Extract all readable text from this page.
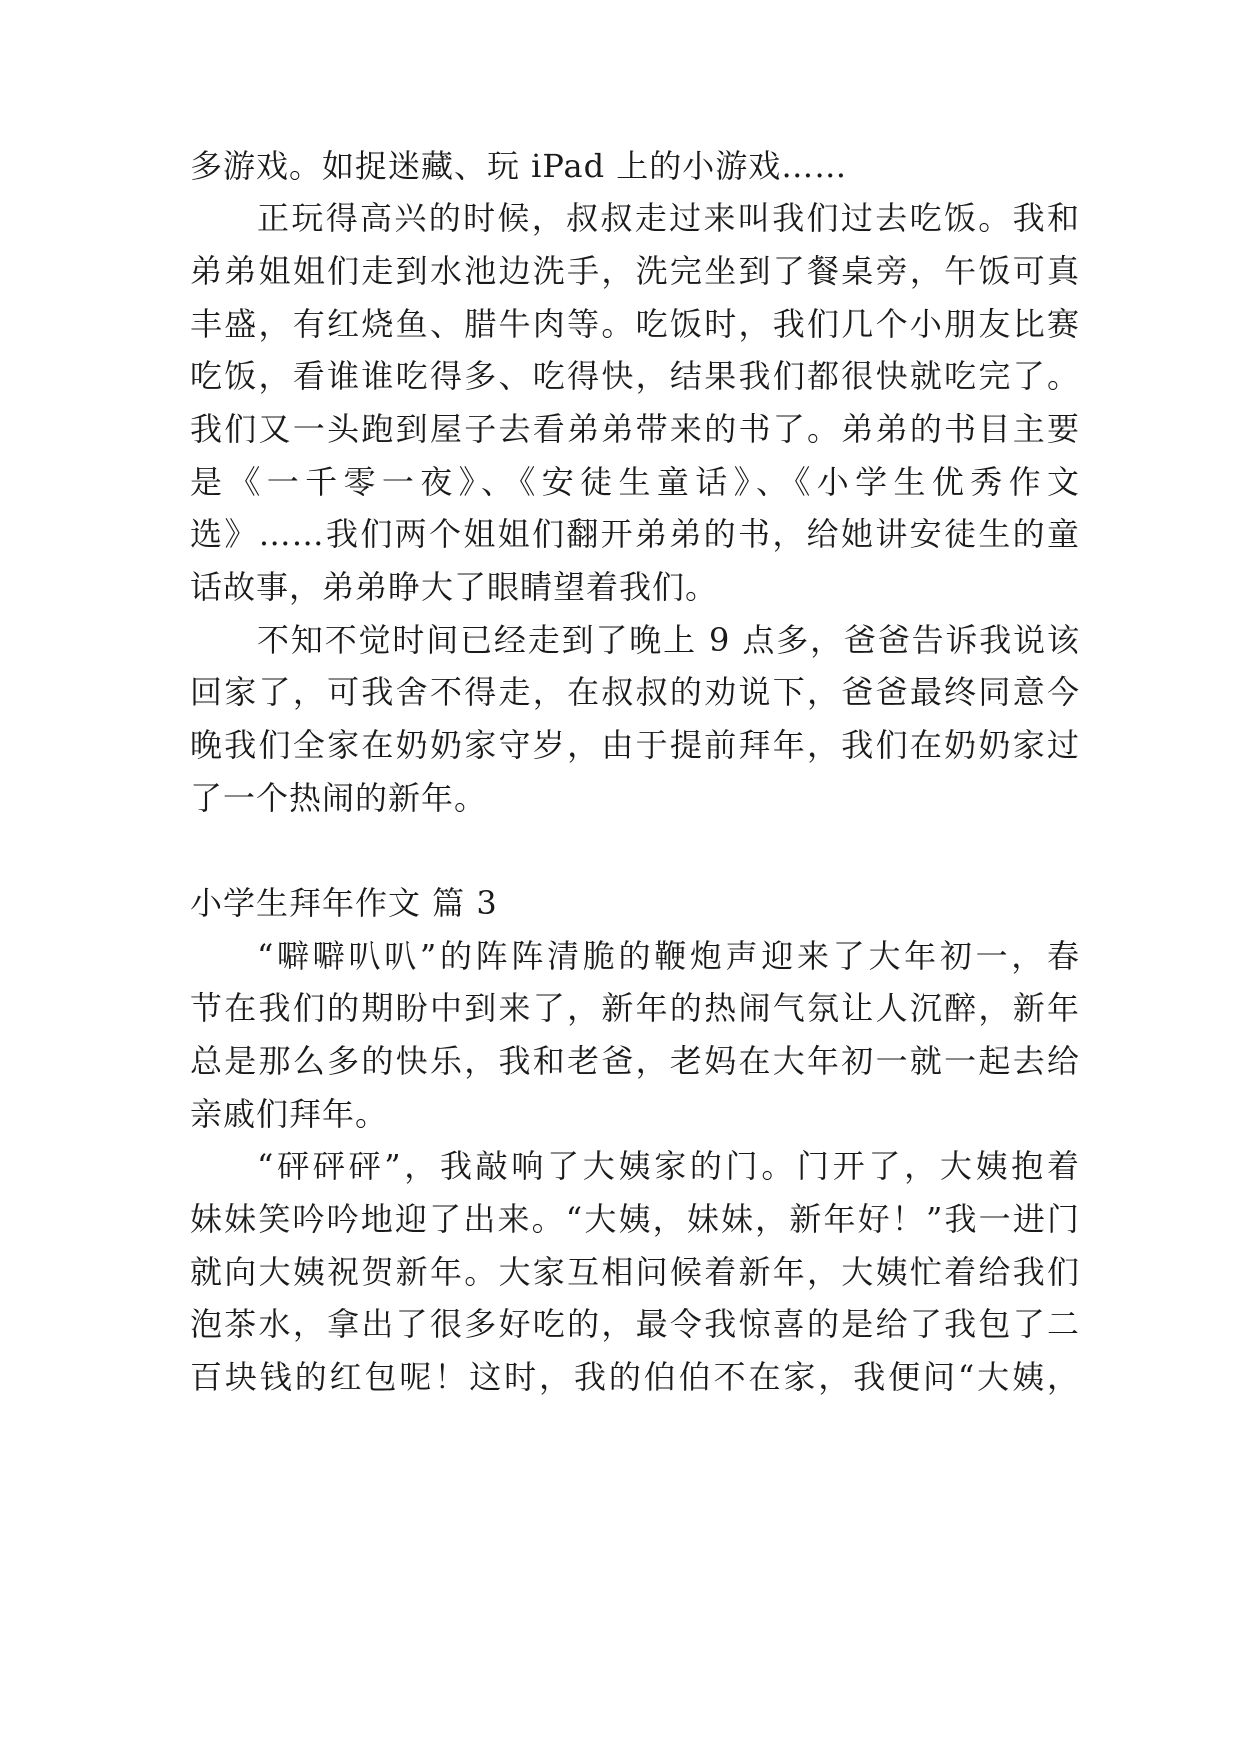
多游戏。如捉迷藏、玩 iPad 上的小游戏……
正玩得高兴的时候，叔叔走过来叫我们过去吃饭。我和
弟弟姐姐们走到水池边洗手，洗完坐到了餐桌旁，午饭可真
丰盛，有红烧鱼、腊牛肉等。吃饭时，我们几个小朋友比赛
吃饭，看谁谁吃得多、吃得快，结果我们都很快就吃完了。
我们又一头跑到屋子去看弟弟带来的书了。弟弟的书目主要
是《一千零一夜》、《安徒生童话》、《小学生优秀作文
选》……我们两个姐姐们翻开弟弟的书，给她讲安徒生的童
话故事，弟弟睁大了眼睛望着我们。
不知不觉时间已经走到了晚上 9 点多，爸爸告诉我说该
回家了，可我舍不得走，在叔叔的劝说下，爸爸最终同意今
晚我们全家在奶奶家守岁，由于提前拜年，我们在奶奶家过
了一个热闹的新年。
小学生拜年作文 篇 3
“噼噼叭叭”的阵阵清脆的鞭炮声迎来了大年初一，春
节在我们的期盼中到来了，新年的热闹气氛让人沉醉，新年
总是那么多的快乐，我和老爸，老妈在大年初一就一起去给
亲戚们拜年。
“砰砰砰”，我敲响了大姨家的门。门开了，大姨抱着
妹妹笑吟吟地迎了出来。“大姨，妹妹，新年好！”我一进门
就向大姨祝贺新年。大家互相问候着新年，大姨忙着给我们
泡茶水，拿出了很多好吃的，最令我惊喜的是给了我包了二
百块钱的红包呢！这时，我的伯伯不在家，我便问“大姨，
